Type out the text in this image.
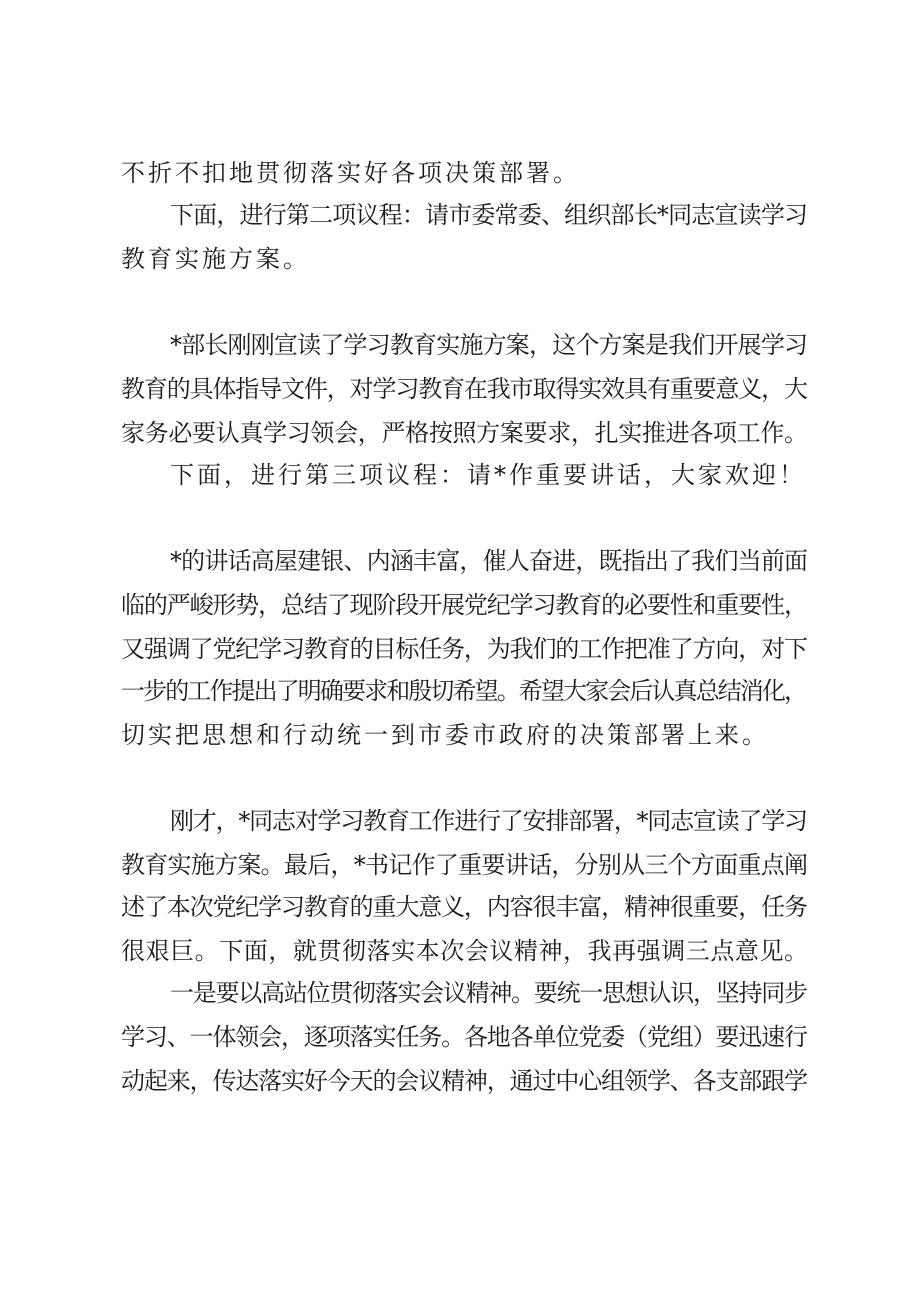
不折不扣地贯彻落实好各项决策部署。
下面，进行第二项议程：请市委常委、组织部长*同志宣读学习
教育实施方案。
*部长刚刚宣读了学习教育实施方案，这个方案是我们开展学习
教育的具体指导文件，对学习教育在我市取得实效具有重要意义，大
家务必要认真学习领会，严格按照方案要求，扎实推进各项工作。
下面，进行第三项议程：请*作重要讲话，大家欢迎！
*的讲话高屋建银、内涵丰富，催人奋进，既指出了我们当前面
临的严峻形势，总结了现阶段开展党纪学习教育的必要性和重要性，
又强调了党纪学习教育的目标任务，为我们的工作把准了方向，对下
一步的工作提出了明确要求和殷切希望。希望大家会后认真总结消化，
切实把思想和行动统一到市委市政府的决策部署上来。
刚才，*同志对学习教育工作进行了安排部署，*同志宣读了学习
教育实施方案。最后，*书记作了重要讲话，分别从三个方面重点阐
述了本次党纪学习教育的重大意义，内容很丰富，精神很重要，任务
很艰巨。下面，就贯彻落实本次会议精神，我再强调三点意见。
一是要以高站位贯彻落实会议精神。要统一思想认识，坚持同步
学习、一体领会，逐项落实任务。各地各单位党委（党组）要迅速行
动起来，传达落实好今天的会议精神，通过中心组领学、各支部跟学
